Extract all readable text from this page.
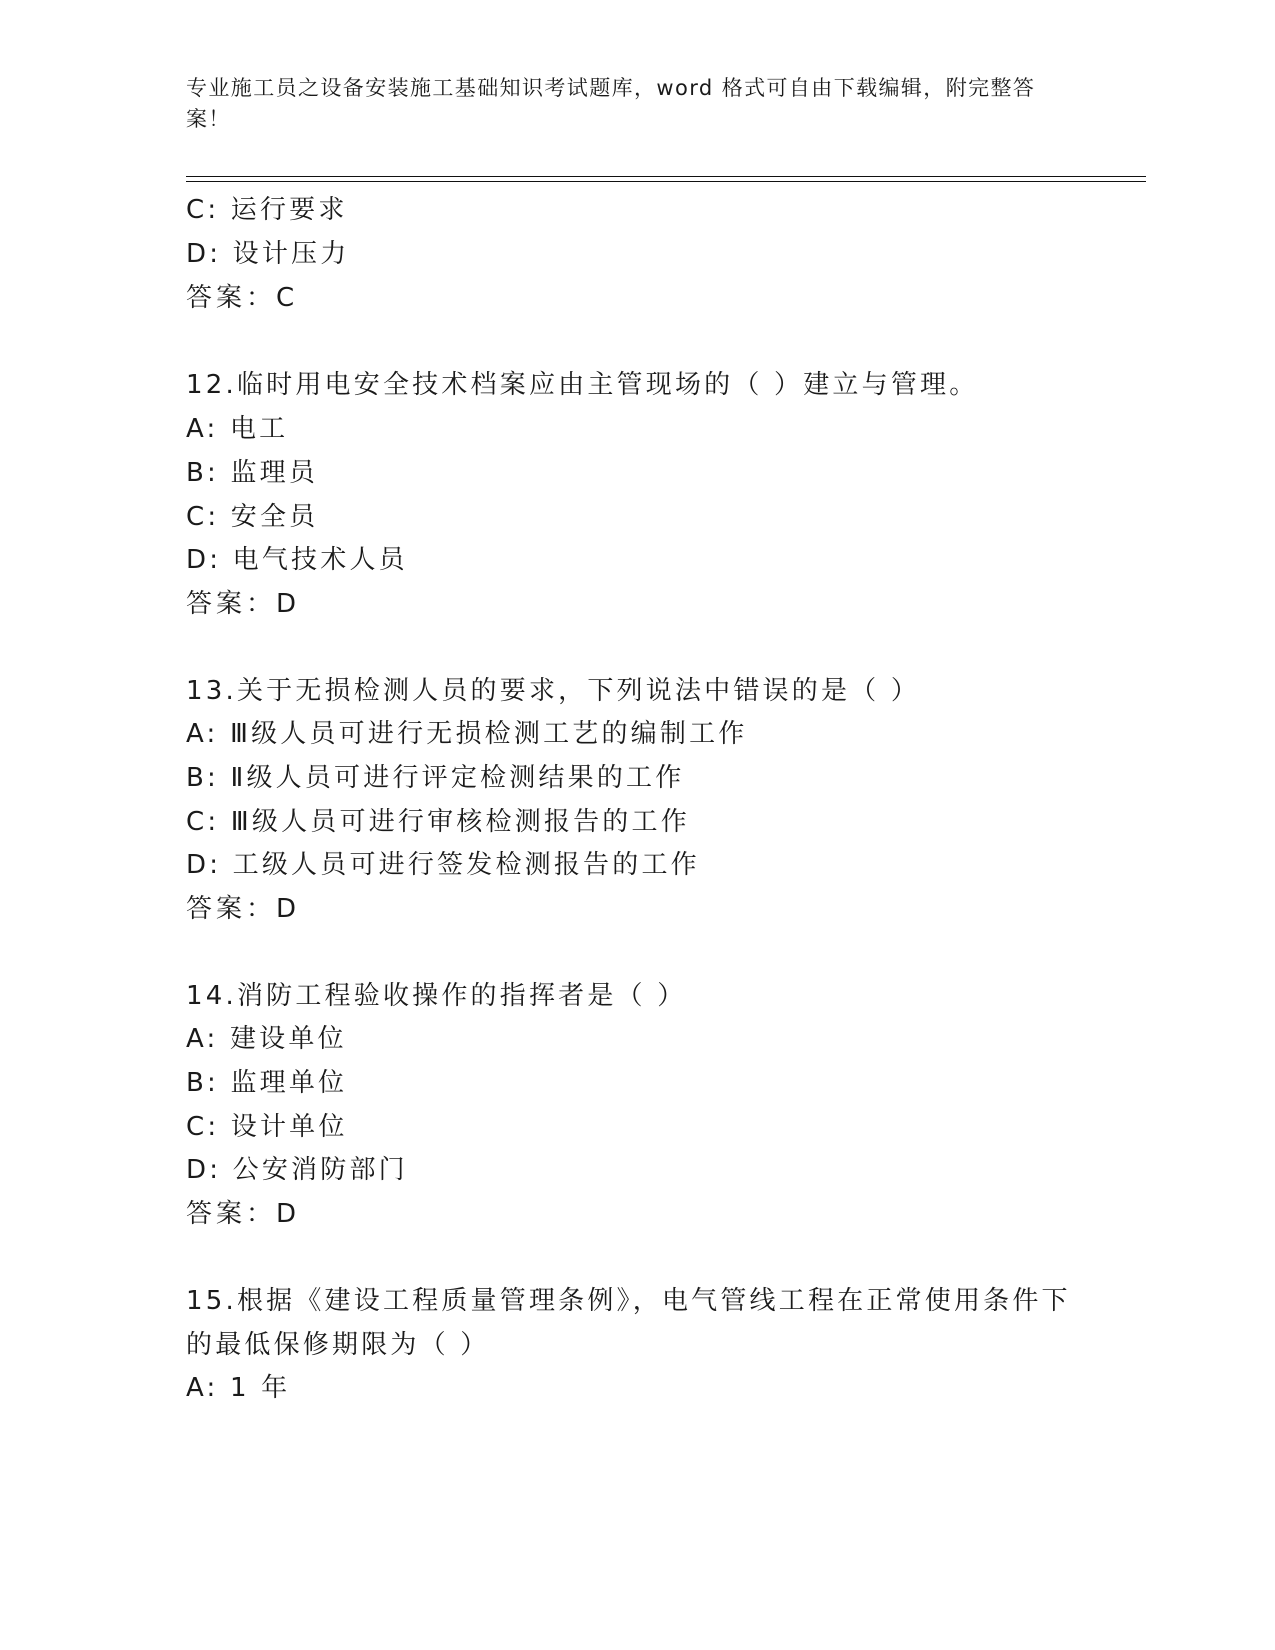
专业施工员之设备安装施工基础知识考试题库，word 格式可自由下载编辑，附完整答案！
C: 运行要求
D: 设计压力
答案：C
12.临时用电安全技术档案应由主管现场的（ ）建立与管理。
A: 电工
B: 监理员
C: 安全员
D: 电气技术人员
答案：D
13.关于无损检测人员的要求，下列说法中错误的是（ ）
A: Ⅲ级人员可进行无损检测工艺的编制工作
B: Ⅱ级人员可进行评定检测结果的工作
C: Ⅲ级人员可进行审核检测报告的工作
D: 工级人员可进行签发检测报告的工作
答案：D
14.消防工程验收操作的指挥者是（ ）
A: 建设单位
B: 监理单位
C: 设计单位
D: 公安消防部门
答案：D
15.根据《建设工程质量管理条例》，电气管线工程在正常使用条件下
的最低保修期限为（ ）
A: 1 年
